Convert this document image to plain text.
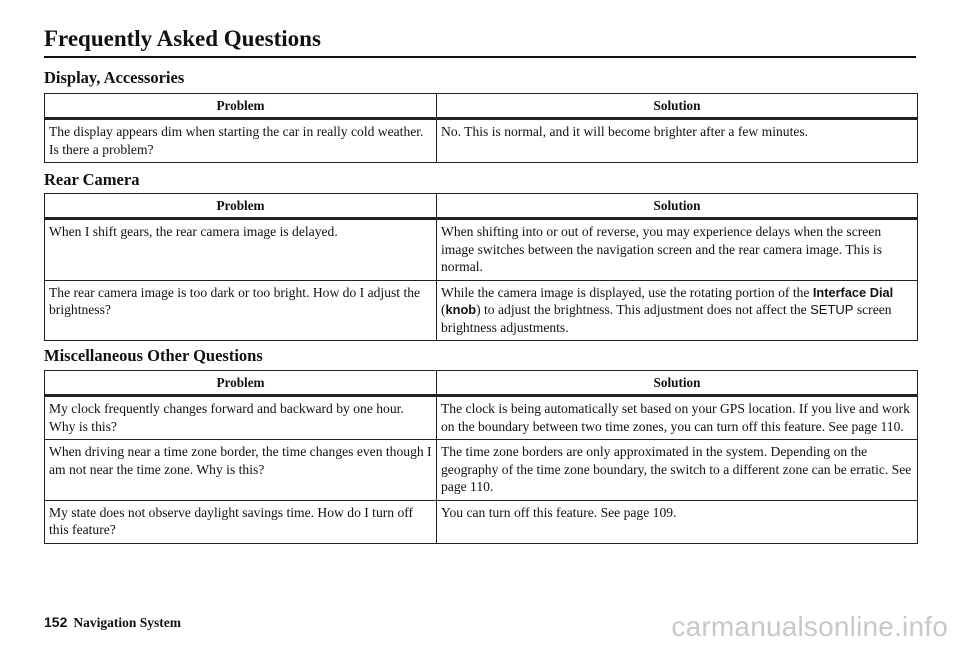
Frequently Asked Questions
Display, Accessories
Problem	Solution
The display appears dim when starting the car in really cold weather. Is there a problem?	No. This is normal, and it will become brighter after a few minutes.
Rear Camera
Problem	Solution
When I shift gears, the rear camera image is delayed.	When shifting into or out of reverse, you may experience delays when the screen image switches between the navigation screen and the rear camera image. This is normal.
The rear camera image is too dark or too bright. How do I adjust the brightness?	While the camera image is displayed, use the rotating portion of the Interface Dial (knob) to adjust the brightness. This adjustment does not affect the SETUP screen brightness adjustments.
Miscellaneous Other Questions
Problem	Solution
My clock frequently changes forward and backward by one hour. Why is this?	The clock is being automatically set based on your GPS location. If you live and work on the boundary between two time zones, you can turn off this feature. See page 110.
When driving near a time zone border, the time changes even though I am not near the time zone. Why is this?	The time zone borders are only approximated in the system. Depending on the geography of the time zone boundary, the switch to a different zone can be erratic. See page 110.
My state does not observe daylight savings time. How do I turn off this feature?	You can turn off this feature. See page 109.
152 Navigation System	carmanualsonline.info
